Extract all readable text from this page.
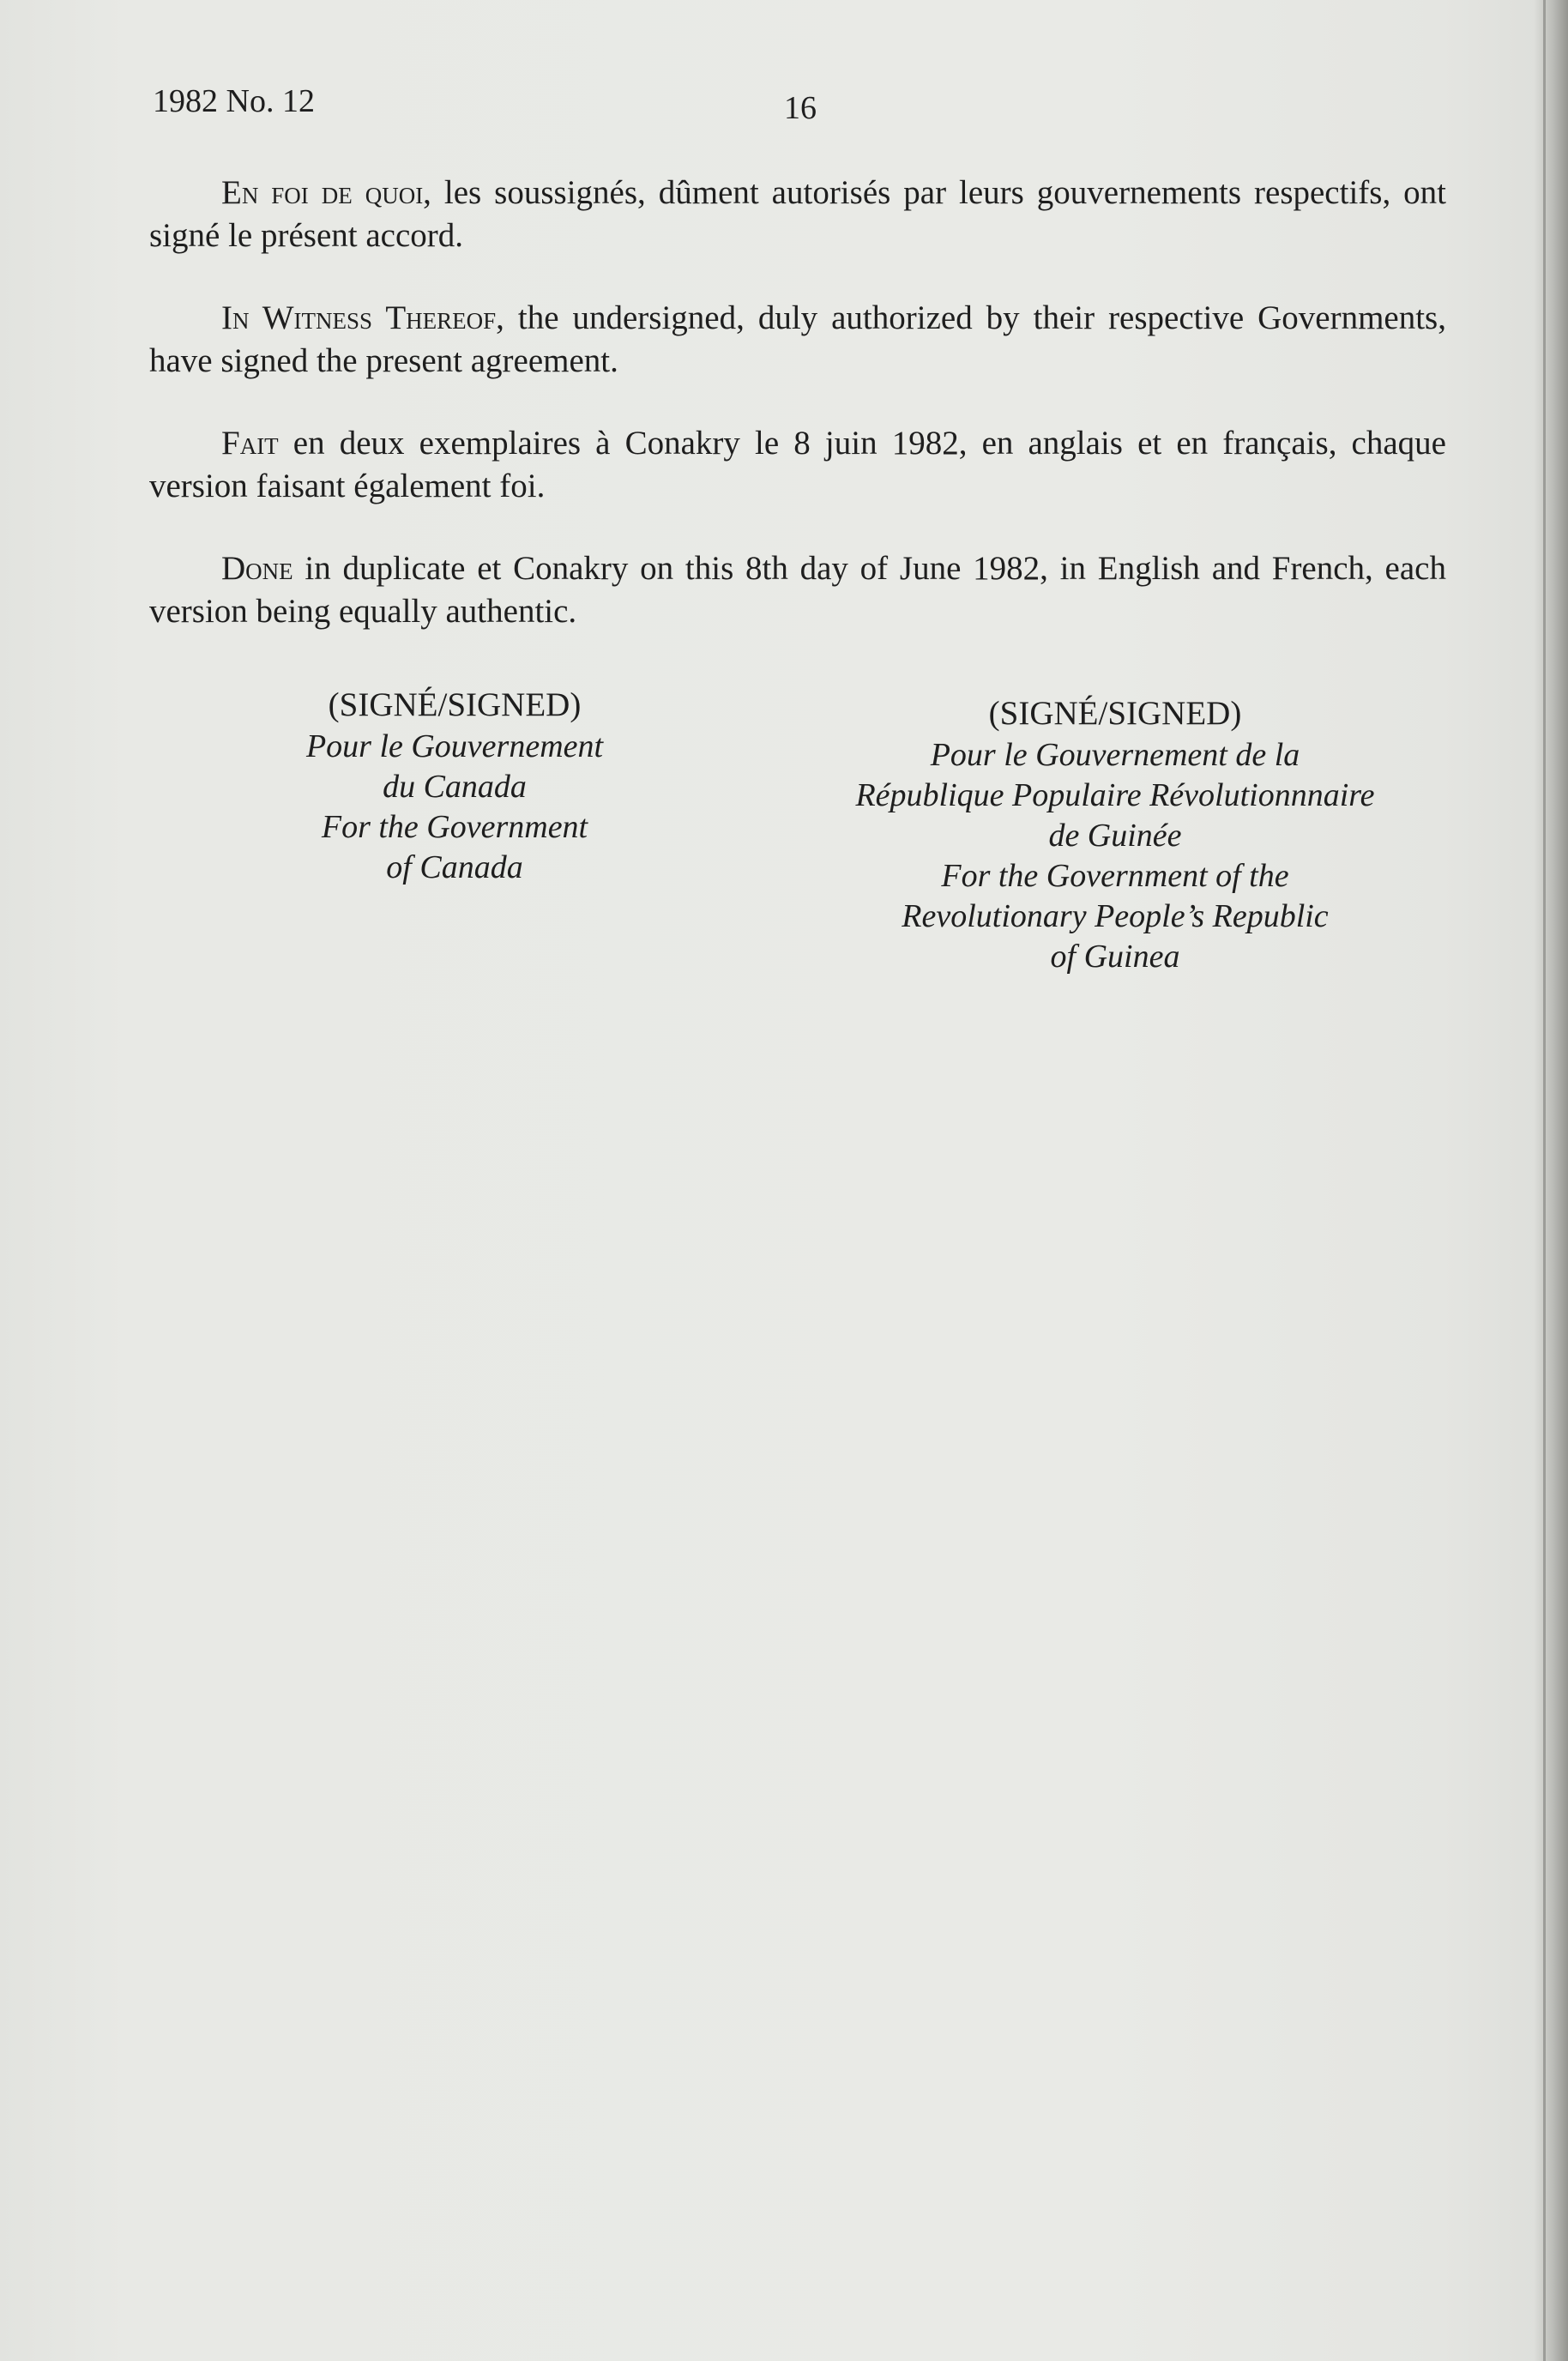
1982 No. 12	16

En foi de quoi, les soussignés, dûment autorisés par leurs gouvernements respectifs, ont signé le présent accord.

In Witness Thereof, the undersigned, duly authorized by their respective Governments, have signed the present agreement.

Fait en deux exemplaires à Conakry le 8 juin 1982, en anglais et en français, chaque version faisant également foi.

Done in duplicate et Conakry on this 8th day of June 1982, in English and French, each version being equally authentic.

(SIGNÉ/SIGNED)
Pour le Gouvernement
du Canada
For the Government
of Canada
(SIGNÉ/SIGNED)
Pour le Gouvernement de la
République Populaire Révolutionnnaire
de Guinée
For the Government of the
Revolutionary People’s Republic
of Guinea
